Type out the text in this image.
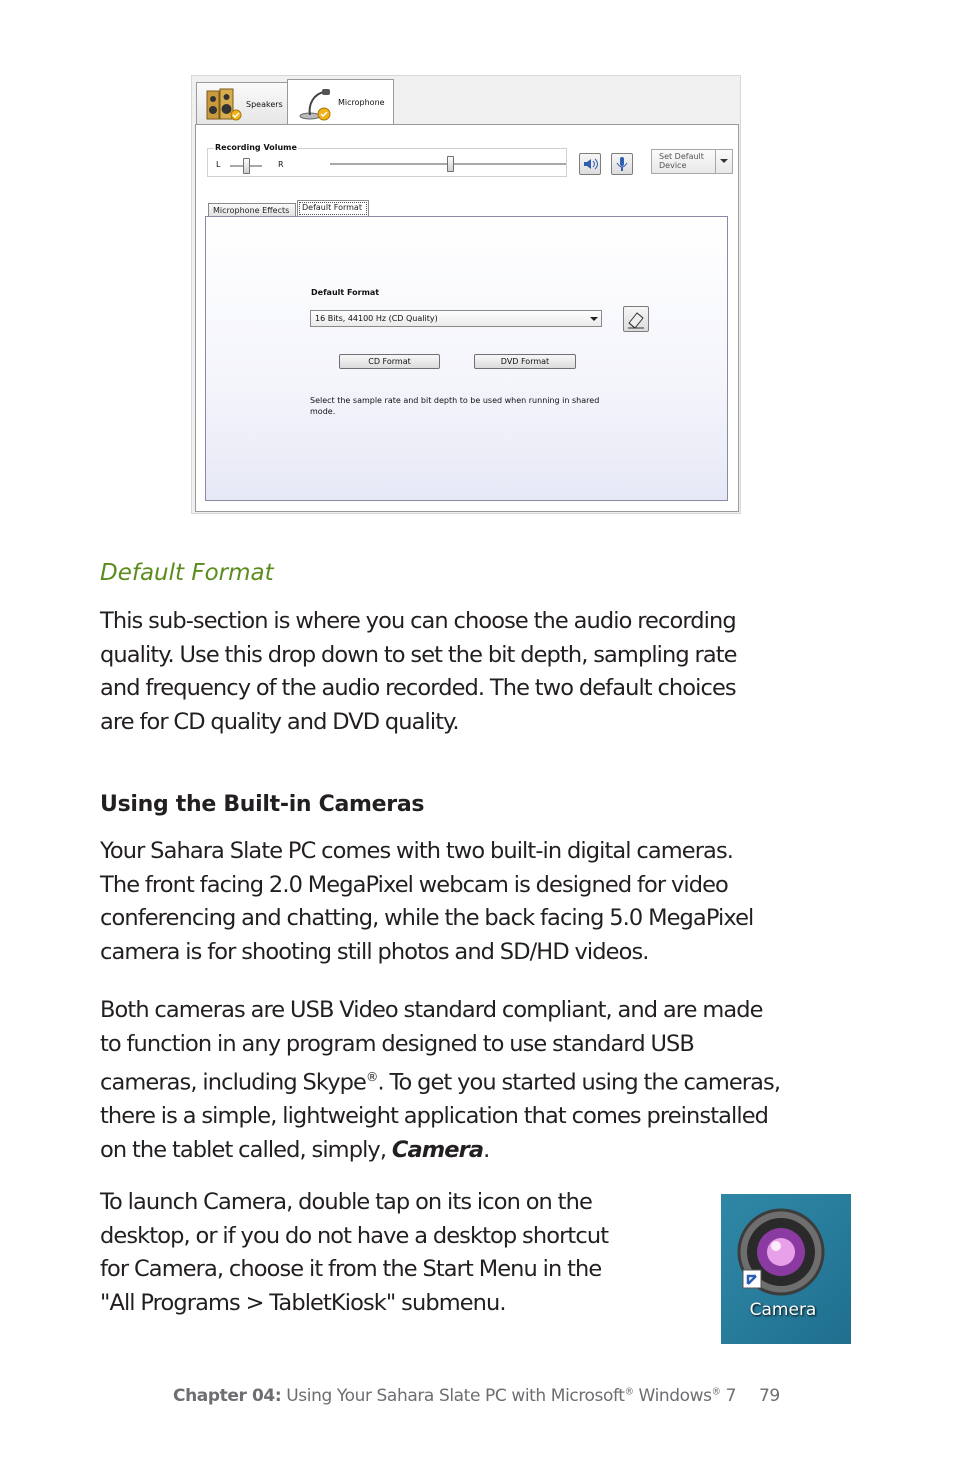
Speakers	Microphone
Recording Volume
L	R
Set Default
Device
Microphone Effects	Default Format
Default Format
16 Bits, 44100 Hz (CD Quality)
CD Format	DVD Format
Select the sample rate and bit depth to be used when running in shared
mode.
Default Format
This sub-section is where you can choose the audio recording
quality. Use this drop down to set the bit depth, sampling rate
and frequency of the audio recorded. The two default choices
are for CD quality and DVD quality.
Using the Built-in Cameras
Your Sahara Slate PC comes with two built-in digital cameras.
The front facing 2.0 MegaPixel webcam is designed for video
conferencing and chatting, while the back facing 5.0 MegaPixel
camera is for shooting still photos and SD/HD videos.
Both cameras are USB Video standard compliant, and are made
to function in any program designed to use standard USB
cameras, including Skype®. To get you started using the cameras,
there is a simple, lightweight application that comes preinstalled
on the tablet called, simply, Camera.
To launch Camera, double tap on its icon on the
desktop, or if you do not have a desktop shortcut
for Camera, choose it from the Start Menu in the
"All Programs > TabletKiosk" submenu.	Camera
Chapter 04: Using Your Sahara Slate PC with Microsoft® Windows® 7 79
